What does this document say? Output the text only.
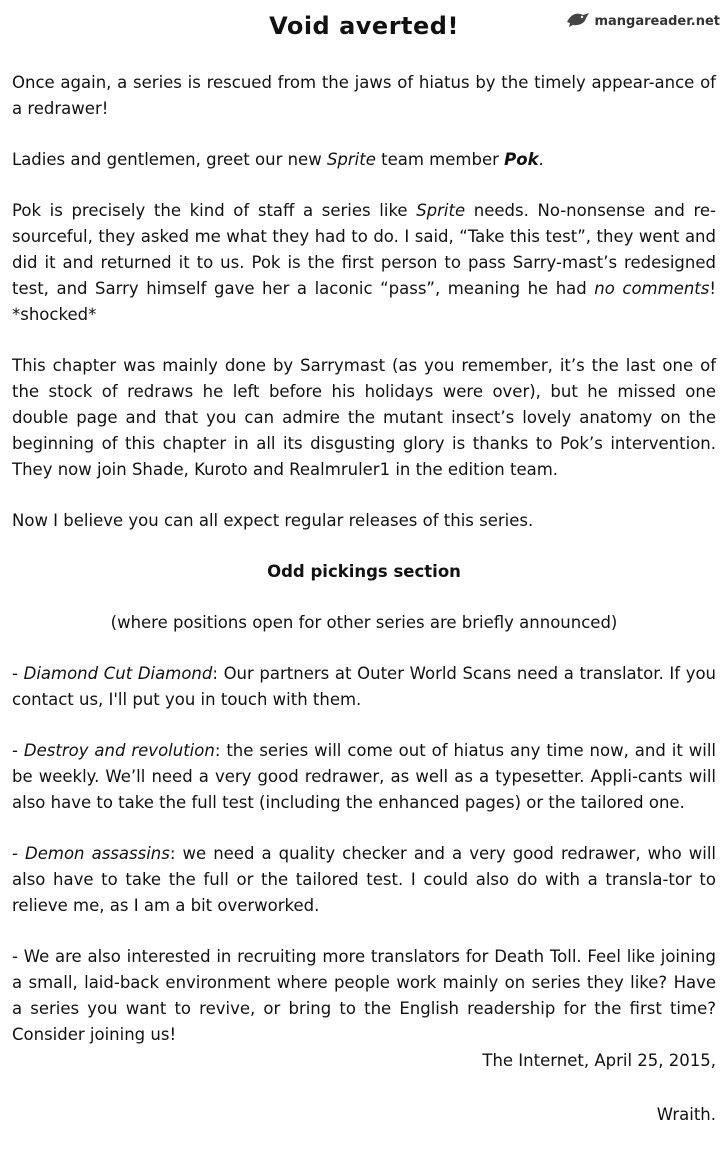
mangareader.net
Void averted!

Once again, a series is rescued from the jaws of hiatus by the timely appear-ance of a redrawer!

Ladies and gentlemen, greet our new Sprite team member Pok.

Pok is precisely the kind of staff a series like Sprite needs. No-nonsense and re-sourceful, they asked me what they had to do. I said, “Take this test”, they went and did it and returned it to us. Pok is the first person to pass Sarry-mast’s redesigned test, and Sarry himself gave her a laconic “pass”, meaning he had no comments! *shocked*

This chapter was mainly done by Sarrymast (as you remember, it’s the last one of the stock of redraws he left before his holidays were over), but he missed one double page and that you can admire the mutant insect’s lovely anatomy on the beginning of this chapter in all its disgusting glory is thanks to Pok’s intervention. They now join Shade, Kuroto and Realmruler1 in the edition team.

Now I believe you can all expect regular releases of this series.

Odd pickings section

(where positions open for other series are briefly announced)

- Diamond Cut Diamond: Our partners at Outer World Scans need a translator. If you contact us, I'll put you in touch with them.

- Destroy and revolution: the series will come out of hiatus any time now, and it will be weekly. We’ll need a very good redrawer, as well as a typesetter. Appli-cants will also have to take the full test (including the enhanced pages) or the tailored one.

- Demon assassins: we need a quality checker and a very good redrawer, who will also have to take the full or the tailored test. I could also do with a transla-tor to relieve me, as I am a bit overworked.

- We are also interested in recruiting more translators for Death Toll. Feel like joining a small, laid-back environment where people work mainly on series they like? Have a series you want to revive, or bring to the English readership for the first time? Consider joining us!

The Internet, April 25, 2015,

Wraith.
